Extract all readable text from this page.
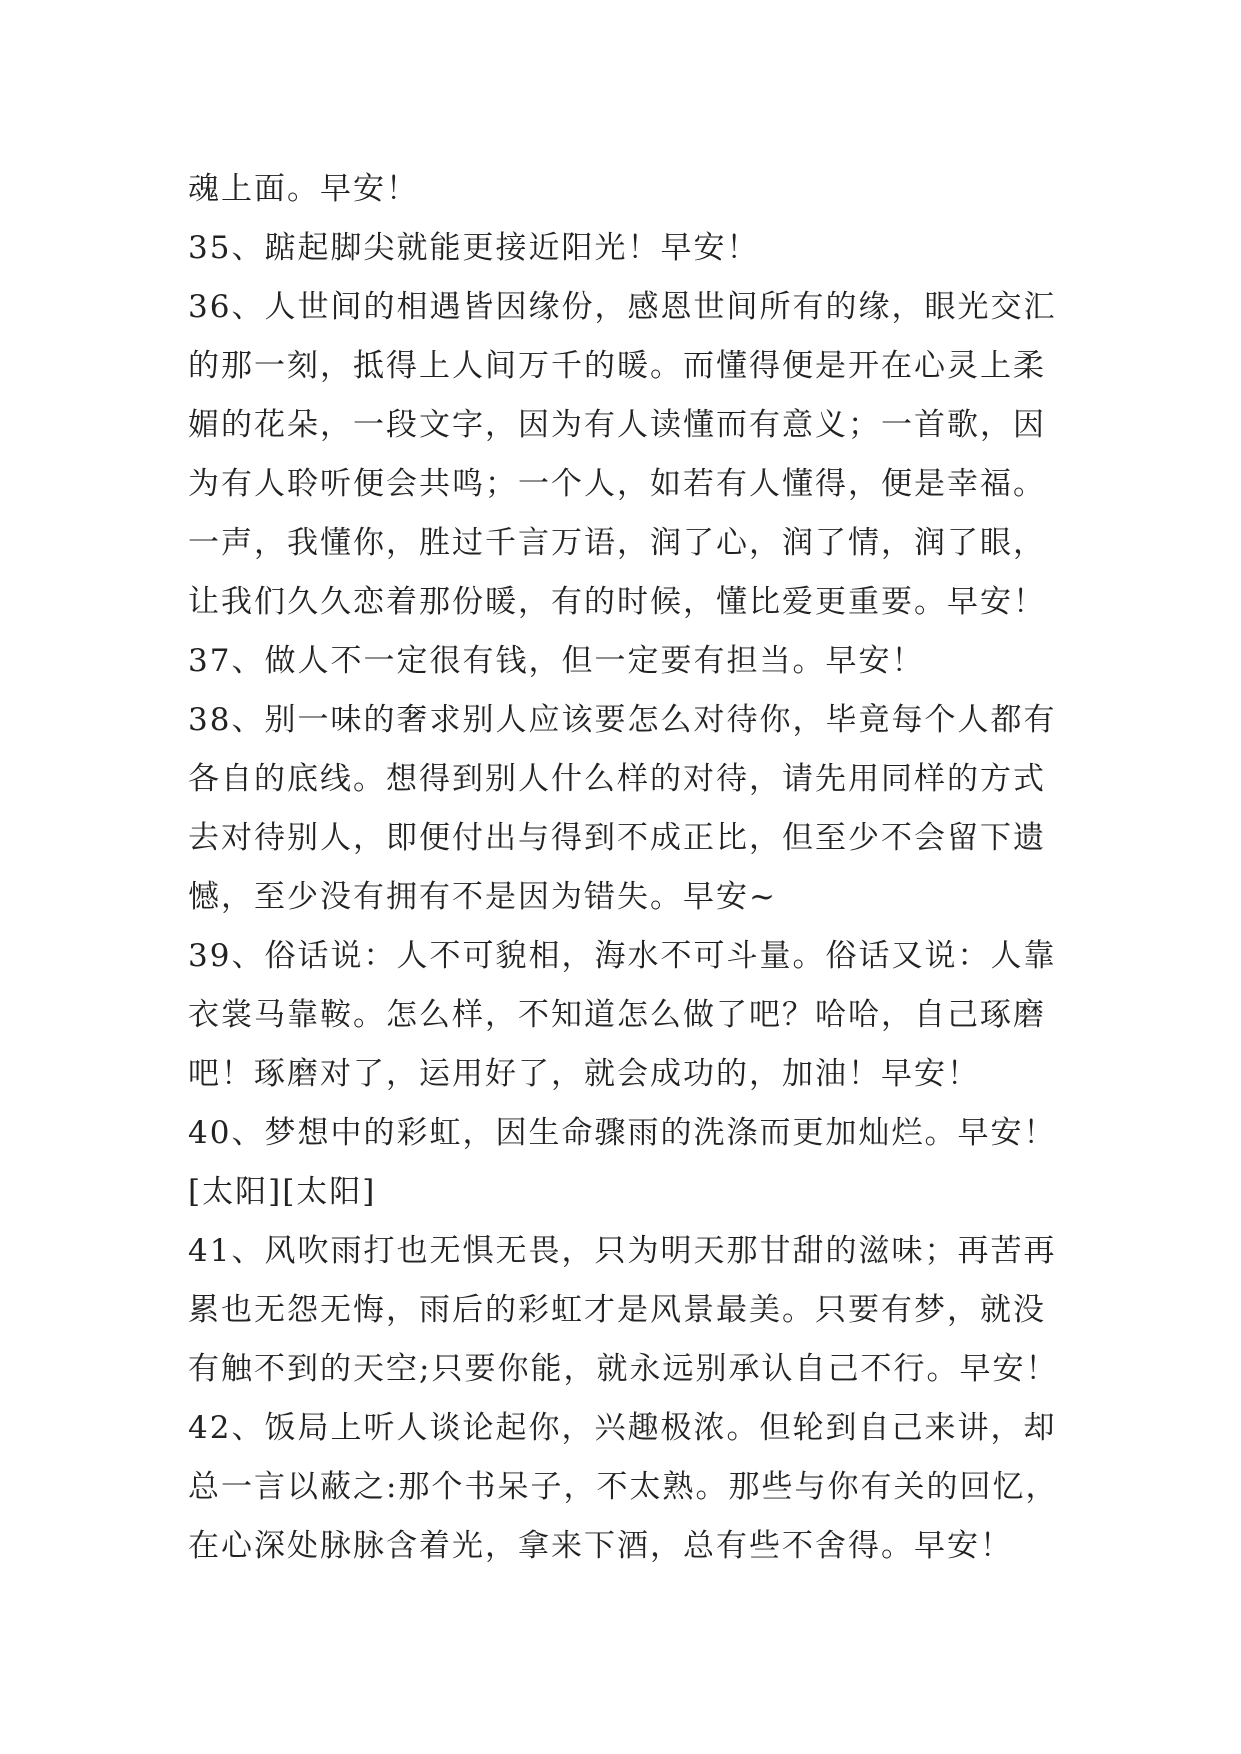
魂上面。早安！
35、踮起脚尖就能更接近阳光！早安！
36、人世间的相遇皆因缘份，感恩世间所有的缘，眼光交汇
的那一刻，抵得上人间万千的暖。而懂得便是开在心灵上柔
媚的花朵，一段文字，因为有人读懂而有意义；一首歌，因
为有人聆听便会共鸣；一个人，如若有人懂得，便是幸福。
一声，我懂你，胜过千言万语，润了心，润了情，润了眼，
让我们久久恋着那份暖，有的时候，懂比爱更重要。早安！
37、做人不一定很有钱，但一定要有担当。早安！
38、别一味的奢求别人应该要怎么对待你，毕竟每个人都有
各自的底线。想得到别人什么样的对待，请先用同样的方式
去对待别人，即便付出与得到不成正比，但至少不会留下遗
憾，至少没有拥有不是因为错失。早安~
39、俗话说：人不可貌相，海水不可斗量。俗话又说：人靠
衣裳马靠鞍。怎么样，不知道怎么做了吧？哈哈，自己琢磨
吧！琢磨对了，运用好了，就会成功的，加油！早安！
40、梦想中的彩虹，因生命骤雨的洗涤而更加灿烂。早安！
[太阳][太阳]
41、风吹雨打也无惧无畏，只为明天那甘甜的滋味；再苦再
累也无怨无悔，雨后的彩虹才是风景最美。只要有梦，就没
有触不到的天空;只要你能，就永远别承认自己不行。早安！
42、饭局上听人谈论起你，兴趣极浓。但轮到自己来讲，却
总一言以蔽之:那个书呆子，不太熟。那些与你有关的回忆，
在心深处脉脉含着光，拿来下酒，总有些不舍得。早安！
